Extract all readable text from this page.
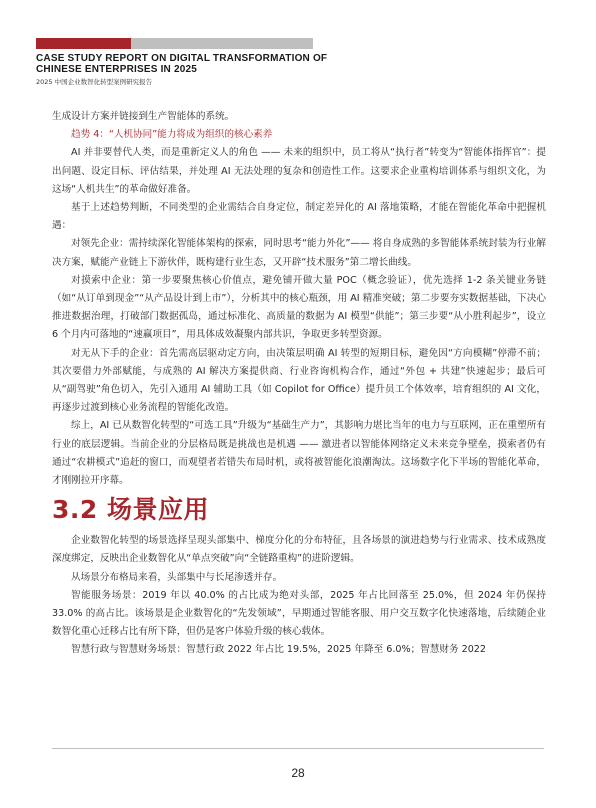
CASE STUDY REPORT ON DIGITAL TRANSFORMATION OF
CHINESE ENTERPRISES IN 2025
2025 中国企业数智化转型案例研究报告

生成设计方案并链接到生产智能体的系统。

趋势 4：“人机协同”能力将成为组织的核心素养

AI 并非要替代人类，而是重新定义人的角色 —— 未来的组织中，员工将从“执行者”转变为“智能体指挥官”：提出问题、设定目标、评估结果，并处理 AI 无法处理的复杂和创造性工作。这要求企业重构培训体系与组织文化，为这场“人机共生”的革命做好准备。

基于上述趋势判断，不同类型的企业需结合自身定位，制定差异化的 AI 落地策略，才能在智能化革命中把握机遇：

对领先企业：需持续深化智能体架构的探索，同时思考“能力外化”—— 将自身成熟的多智能体系统封装为行业解决方案，赋能产业链上下游伙伴，既构建行业生态，又开辟“技术服务”第二增长曲线。

对摸索中企业：第一步要聚焦核心价值点，避免铺开做大量 POC（概念验证），优先选择 1-2 条关键业务链（如“从订单到现金”“从产品设计到上市”），分析其中的核心瓶颈，用 AI 精准突破；第二步要夯实数据基础，下决心推进数据治理，打破部门数据孤岛，通过标准化、高质量的数据为 AI 模型“供能”；第三步要“从小胜利起步”，设立 6 个月内可落地的“速赢项目”，用具体成效凝聚内部共识，争取更多转型资源。

对无从下手的企业：首先需高层驱动定方向，由决策层明确 AI 转型的短期目标，避免因“方向模糊”停滞不前；其次要借力外部赋能，与成熟的 AI 解决方案提供商、行业咨询机构合作，通过“外包 + 共建”快速起步；最后可从“副驾驶”角色切入，先引入通用 AI 辅助工具（如 Copilot for Office）提升员工个体效率，培育组织的 AI 文化，再逐步过渡到核心业务流程的智能化改造。

综上，AI 已从数智化转型的“可选工具”升级为“基础生产力”，其影响力堪比当年的电力与互联网，正在重塑所有行业的底层逻辑。当前企业的分层格局既是挑战也是机遇 —— 激进者以智能体网络定义未来竞争壁垒，摸索者仍有通过“农耕模式”追赶的窗口，而观望者若错失布局时机，或将被智能化浪潮淘汰。这场数字化下半场的智能化革命，才刚刚拉开序幕。

3.2 场景应用

企业数智化转型的场景选择呈现头部集中、梯度分化的分布特征，且各场景的演进趋势与行业需求、技术成熟度深度绑定，反映出企业数智化从“单点突破”向“全链路重构”的进阶逻辑。

从场景分布格局来看，头部集中与长尾渗透并存。

智能服务场景：2019 年以 40.0% 的占比成为绝对头部，2025 年占比回落至 25.0%，但 2024 年仍保持 33.0% 的高占比。该场景是企业数智化的“先发领域”，早期通过智能客服、用户交互数字化快速落地，后续随企业数智化重心迁移占比有所下降，但仍是客户体验升级的核心载体。

智慧行政与智慧财务场景：智慧行政 2022 年占比 19.5%，2025 年降至 6.0%；智慧财务 2022

28
